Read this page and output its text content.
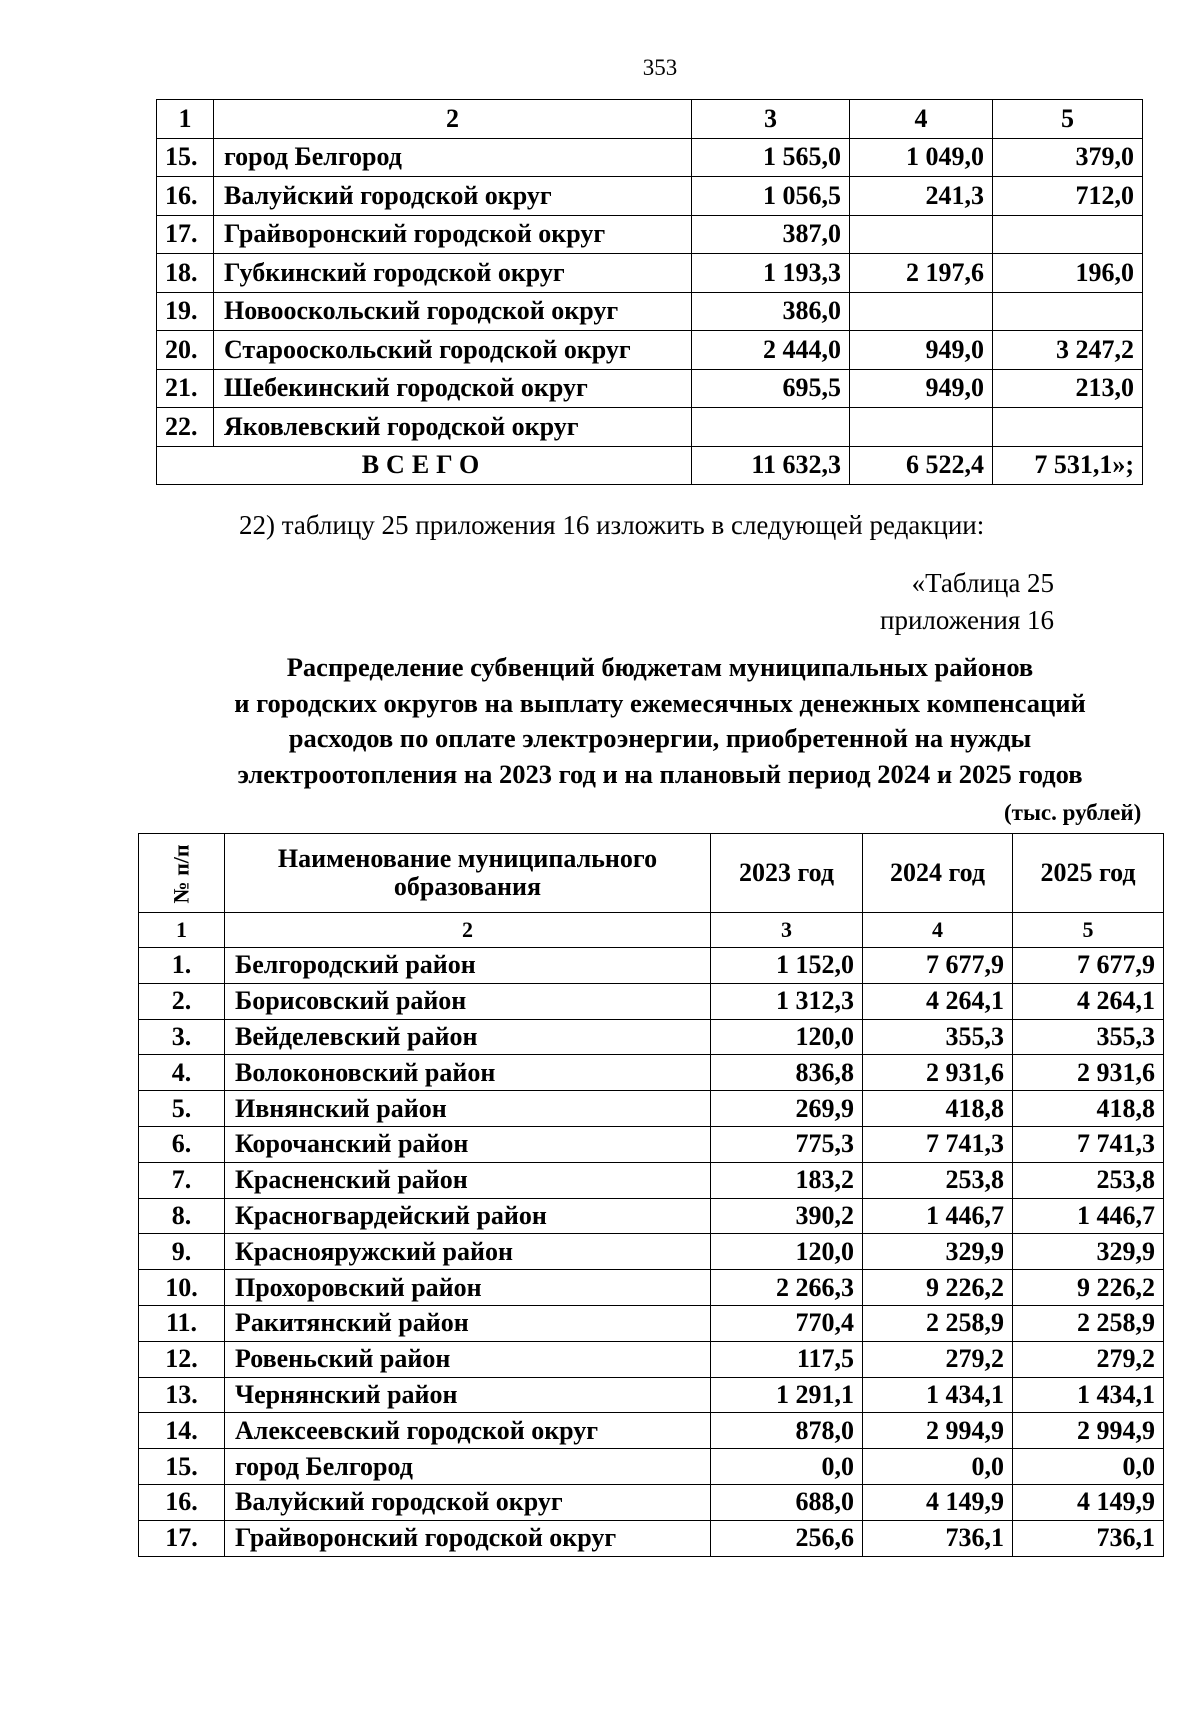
353
1	2	3	4	5
15.	город Белгород	1 565,0	1 049,0	379,0
16.	Валуйский городской округ	1 056,5	241,3	712,0
17.	Грайворонский городской округ	387,0		
18.	Губкинский городской округ	1 193,3	2 197,6	196,0
19.	Новооскольский городской округ	386,0		
20.	Старооскольский городской округ	2 444,0	949,0	3 247,2
21.	Шебекинский городской округ	695,5	949,0	213,0
22.	Яковлевский городской округ			
ВСЕГО		11 632,3	6 522,4	7 531,1»;
22) таблицу 25 приложения 16 изложить в следующей редакции:
«Таблица 25
приложения 16
Распределение субвенций бюджетам муниципальных районов
и городских округов на выплату ежемесячных денежных компенсаций
расходов по оплате электроэнергии, приобретенной на нужды
электроотопления на 2023 год и на плановый период 2024 и 2025 годов
(тыс. рублей)
№ п/п	Наименование муниципального образования	2023 год	2024 год	2025 год
1	2	3	4	5
1.	Белгородский район	1 152,0	7 677,9	7 677,9
2.	Борисовский район	1 312,3	4 264,1	4 264,1
3.	Вейделевский район	120,0	355,3	355,3
4.	Волоконовский район	836,8	2 931,6	2 931,6
5.	Ивнянский район	269,9	418,8	418,8
6.	Корочанский район	775,3	7 741,3	7 741,3
7.	Красненский район	183,2	253,8	253,8
8.	Красногвардейский район	390,2	1 446,7	1 446,7
9.	Краснояружский район	120,0	329,9	329,9
10.	Прохоровский район	2 266,3	9 226,2	9 226,2
11.	Ракитянский район	770,4	2 258,9	2 258,9
12.	Ровеньский район	117,5	279,2	279,2
13.	Чернянский район	1 291,1	1 434,1	1 434,1
14.	Алексеевский городской округ	878,0	2 994,9	2 994,9
15.	город Белгород	0,0	0,0	0,0
16.	Валуйский городской округ	688,0	4 149,9	4 149,9
17.	Грайворонский городской округ	256,6	736,1	736,1
